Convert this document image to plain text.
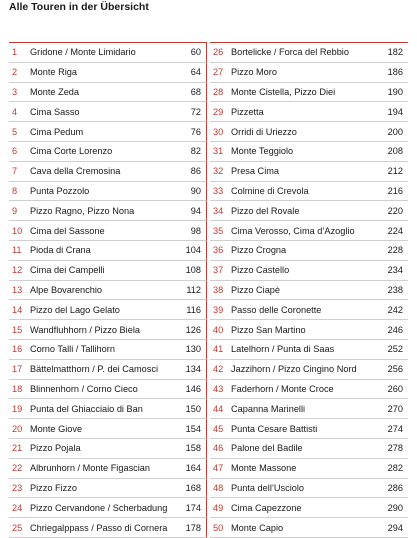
Alle Touren in der Übersicht
1	Gridone / Monte Limidario	60
2	Monte Riga	64
3	Monte Zeda	68
4	Cima Sasso	72
5	Cima Pedum	76
6	Cima Corte Lorenzo	82
7	Cava della Cremosina	86
8	Punta Pozzolo	90
9	Pizzo Ragno, Pizzo Nona	94
10 Cima del Sassone	98
11 Pioda di Crana	104
12 Cima dei Campelli	108
13 Alpe Bovarenchio	112
14 Pizzo del Lago Gelato	116
15 Wandfluhhorn / Pizzo Biela	126
16 Corno Talli / Tallihorn	130
17 Bättelmatthorn / P. dei Camosci	134
18 Blinnenhorn / Corno Cieco	146
19 Punta del Ghiacciaio di Ban	150
20 Monte Giove	154
21 Pizzo Pojala	158
22 Albrunhorn / Monte Figascian	164
23 Pizzo Fizzo	168
24 Pizzo Cervandone / Scherbadung	174
25 Chriegalppass / Passo di Cornera	178
26 Bortelicke / Forca del Rebbio	182
27 Pizzo Moro	186
28 Monte Cistella, Pizzo Diei	190
29 Pizzetta	194
30 Orridi di Uriezzo	200
31 Monte Teggiolo	208
32 Presa Cima	212
33 Colmine di Crevola	216
34 Pizzo del Rovale	220
35 Cima Verosso, Cima d’Azoglio	224
36 Pizzo Crogna	228
37 Pizzo Castello	234
38 Pizzo Ciapè	238
39 Passo delle Coronette	242
40 Pizzo San Martino	246
41 Latelhorn / Punta di Saas	252
42 Jazzihorn / Pizzo Cingino Nord	256
43 Faderhorn / Monte Croce	260
44 Capanna Marinelli	270
45 Punta Cesare Battisti	274
46 Palone del Badile	278
47 Monte Massone	282
48 Punta dell’Usciolo	286
49 Cima Capezzone	290
50 Monte Capio	294
